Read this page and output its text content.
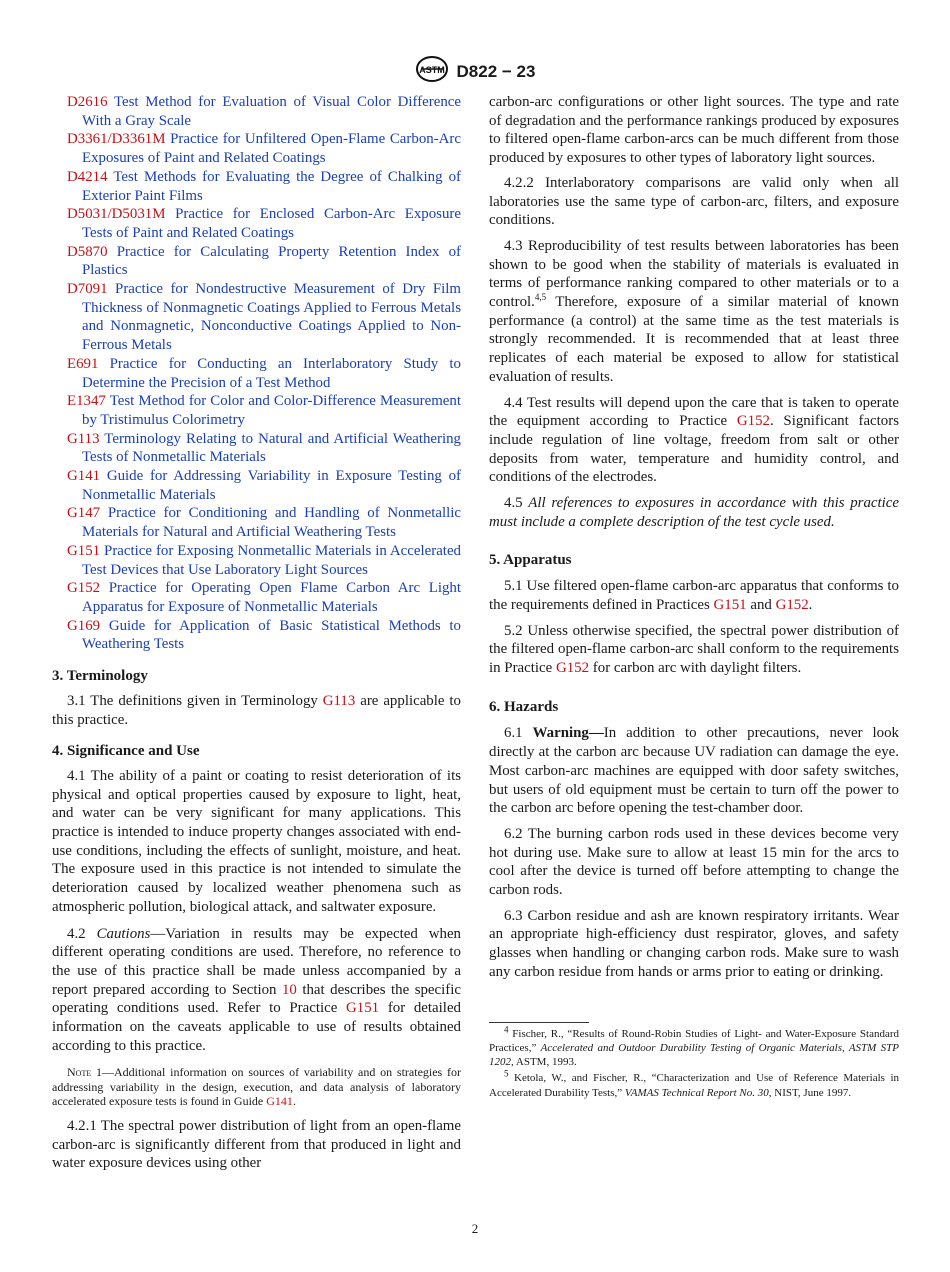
ASTM D822 − 23

D2616 Test Method for Evaluation of Visual Color Difference With a Gray Scale

D3361/D3361M Practice for Unfiltered Open-Flame Carbon-Arc Exposures of Paint and Related Coatings

D4214 Test Methods for Evaluating the Degree of Chalking of Exterior Paint Films

D5031/D5031M Practice for Enclosed Carbon-Arc Exposure Tests of Paint and Related Coatings

D5870 Practice for Calculating Property Retention Index of Plastics

D7091 Practice for Nondestructive Measurement of Dry Film Thickness of Nonmagnetic Coatings Applied to Ferrous Metals and Nonmagnetic, Nonconductive Coatings Applied to Non-Ferrous Metals

E691 Practice for Conducting an Interlaboratory Study to Determine the Precision of a Test Method

E1347 Test Method for Color and Color-Difference Measurement by Tristimulus Colorimetry

G113 Terminology Relating to Natural and Artificial Weathering Tests of Nonmetallic Materials

G141 Guide for Addressing Variability in Exposure Testing of Nonmetallic Materials

G147 Practice for Conditioning and Handling of Nonmetallic Materials for Natural and Artificial Weathering Tests

G151 Practice for Exposing Nonmetallic Materials in Accelerated Test Devices that Use Laboratory Light Sources

G152 Practice for Operating Open Flame Carbon Arc Light Apparatus for Exposure of Nonmetallic Materials

G169 Guide for Application of Basic Statistical Methods to Weathering Tests

3. Terminology

3.1 The definitions given in Terminology G113 are applicable to this practice.

4. Significance and Use

4.1 The ability of a paint or coating to resist deterioration of its physical and optical properties caused by exposure to light, heat, and water can be very significant for many applications. This practice is intended to induce property changes associated with end-use conditions, including the effects of sunlight, moisture, and heat. The exposure used in this practice is not intended to simulate the deterioration caused by localized weather phenomena such as atmospheric pollution, biological attack, and saltwater exposure.

4.2 Cautions—Variation in results may be expected when different operating conditions are used. Therefore, no reference to the use of this practice shall be made unless accompanied by a report prepared according to Section 10 that describes the specific operating conditions used. Refer to Practice G151 for detailed information on the caveats applicable to use of results obtained according to this practice.

Note 1—Additional information on sources of variability and on strategies for addressing variability in the design, execution, and data analysis of laboratory accelerated exposure tests is found in Guide G141.

4.2.1 The spectral power distribution of light from an open-flame carbon-arc is significantly different from that produced in light and water exposure devices using other

carbon-arc configurations or other light sources. The type and rate of degradation and the performance rankings produced by exposures to filtered open-flame carbon-arcs can be much different from those produced by exposures to other types of laboratory light sources.

4.2.2 Interlaboratory comparisons are valid only when all laboratories use the same type of carbon-arc, filters, and exposure conditions.

4.3 Reproducibility of test results between laboratories has been shown to be good when the stability of materials is evaluated in terms of performance ranking compared to other materials or to a control.$^{4,5}$ Therefore, exposure of a similar material of known performance (a control) at the same time as the test materials is strongly recommended. It is recommended that at least three replicates of each material be exposed to allow for statistical evaluation of results.

4.4 Test results will depend upon the care that is taken to operate the equipment according to Practice G152. Significant factors include regulation of line voltage, freedom from salt or other deposits from water, temperature and humidity control, and conditions of the electrodes.

4.5 All references to exposures in accordance with this practice must include a complete description of the test cycle used.

5. Apparatus

5.1 Use filtered open-flame carbon-arc apparatus that conforms to the requirements defined in Practices G151 and G152.

5.2 Unless otherwise specified, the spectral power distribution of the filtered open-flame carbon-arc shall conform to the requirements in Practice G152 for carbon arc with daylight filters.

6. Hazards

6.1 Warning—In addition to other precautions, never look directly at the carbon arc because UV radiation can damage the eye. Most carbon-arc machines are equipped with door safety switches, but users of old equipment must be certain to turn off the power to the carbon arc before opening the test-chamber door.

6.2 The burning carbon rods used in these devices become very hot during use. Make sure to allow at least 15 min for the arcs to cool after the device is turned off before attempting to change the carbon rods.

6.3 Carbon residue and ash are known respiratory irritants. Wear an appropriate high-efficiency dust respirator, gloves, and safety glasses when handling or changing carbon rods. Make sure to wash any carbon residue from hands or arms prior to eating or drinking.

$^4$ Fischer, R., “Results of Round-Robin Studies of Light- and Water-Exposure Standard Practices,” Accelerated and Outdoor Durability Testing of Organic Materials, ASTM STP 1202, ASTM, 1993.

$^5$ Ketola, W., and Fischer, R., “Characterization and Use of Reference Materials in Accelerated Durability Tests,” VAMAS Technical Report No. 30, NIST, June 1997.

2
